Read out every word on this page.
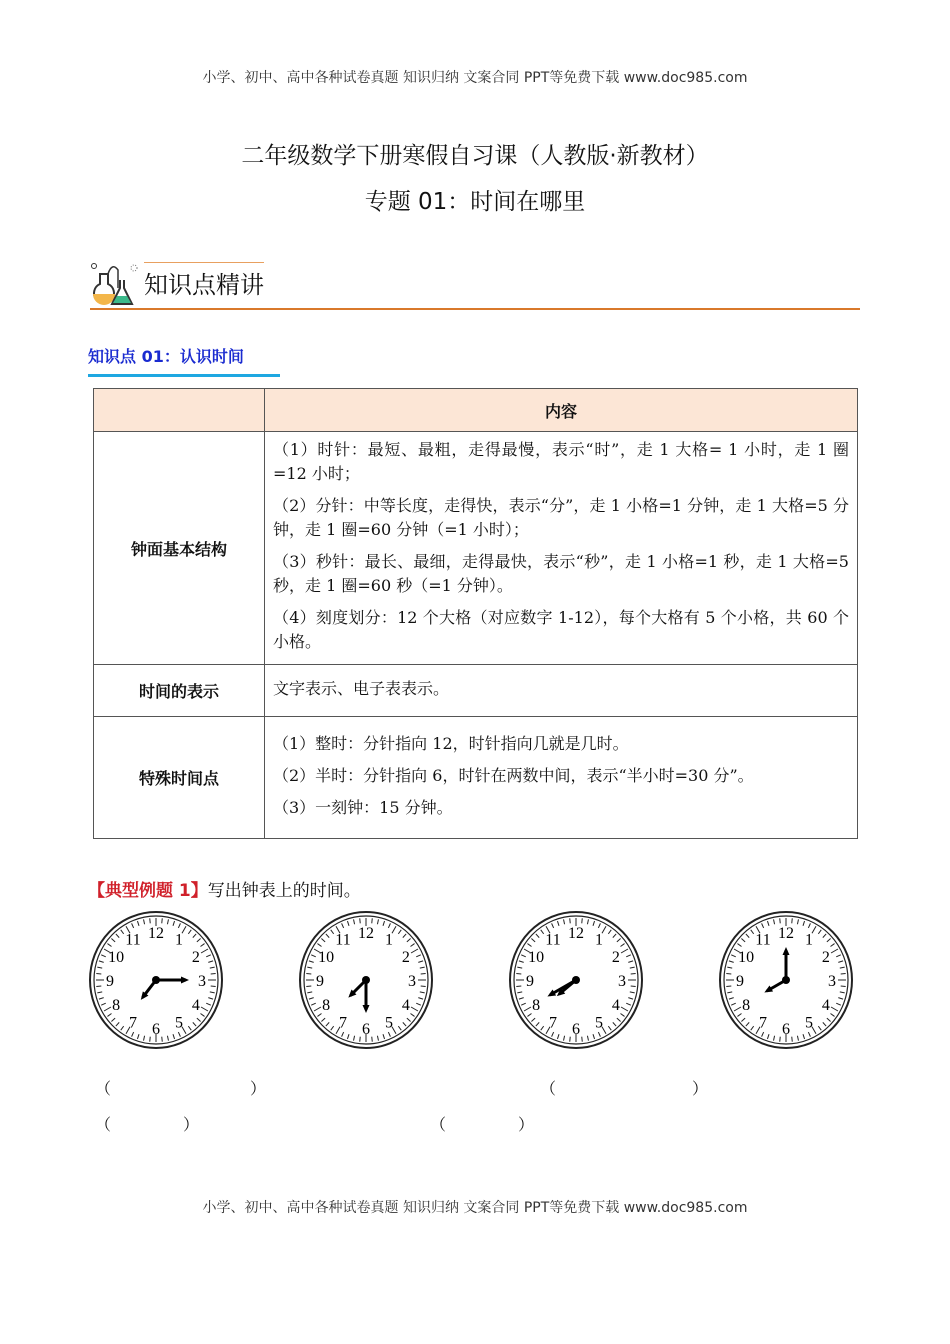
小学、初中、高中各种试卷真题 知识归纳 文案合同 PPT等免费下载 www.doc985.com
二年级数学下册寒假自习课（人教版·新教材）
专题 01：时间在哪里
知识点精讲
知识点 01：认识时间
	内容
钟面基本结构	（1）时针：最短、最粗，走得最慢，表示“时”，走 1 大格= 1 小时，走 1 圈=12 小时；

（2）分针：中等长度，走得快，表示“分”，走 1 小格=1 分钟，走 1 大格=5 分钟，走 1 圈=60 分钟（=1 小时）；

（3）秒针：最长、最细，走得最快，表示“秒”，走 1 小格=1 秒，走 1 大格=5 秒，走 1 圈=60 秒（=1 分钟）。

（4）刻度划分：12 个大格（对应数字 1-12），每个大格有 5 个小格，共 60 个小格。

时间的表示	文字表示、电子表表示。

特殊时间点	（1）整时：分针指向 12，时针指向几就是几时。

（2）半时：分针指向 6，时针在两数中间，表示“半小时=30 分”。

（3）一刻钟：15 分钟。

【典型例题 1】写出钟表上的时间。
1
2
3
4
5
6
7
8
9
10
11 12	1
2
3
4
5
6
7
8
9
10
11 12	1
2
3
4
5
6
7
8
9
10
11 12	1
2
3
4
5
6
7
8
9
10
11 12
（	）	（	）
（	）	（	）
小学、初中、高中各种试卷真题 知识归纳 文案合同 PPT等免费下载 www.doc985.com
